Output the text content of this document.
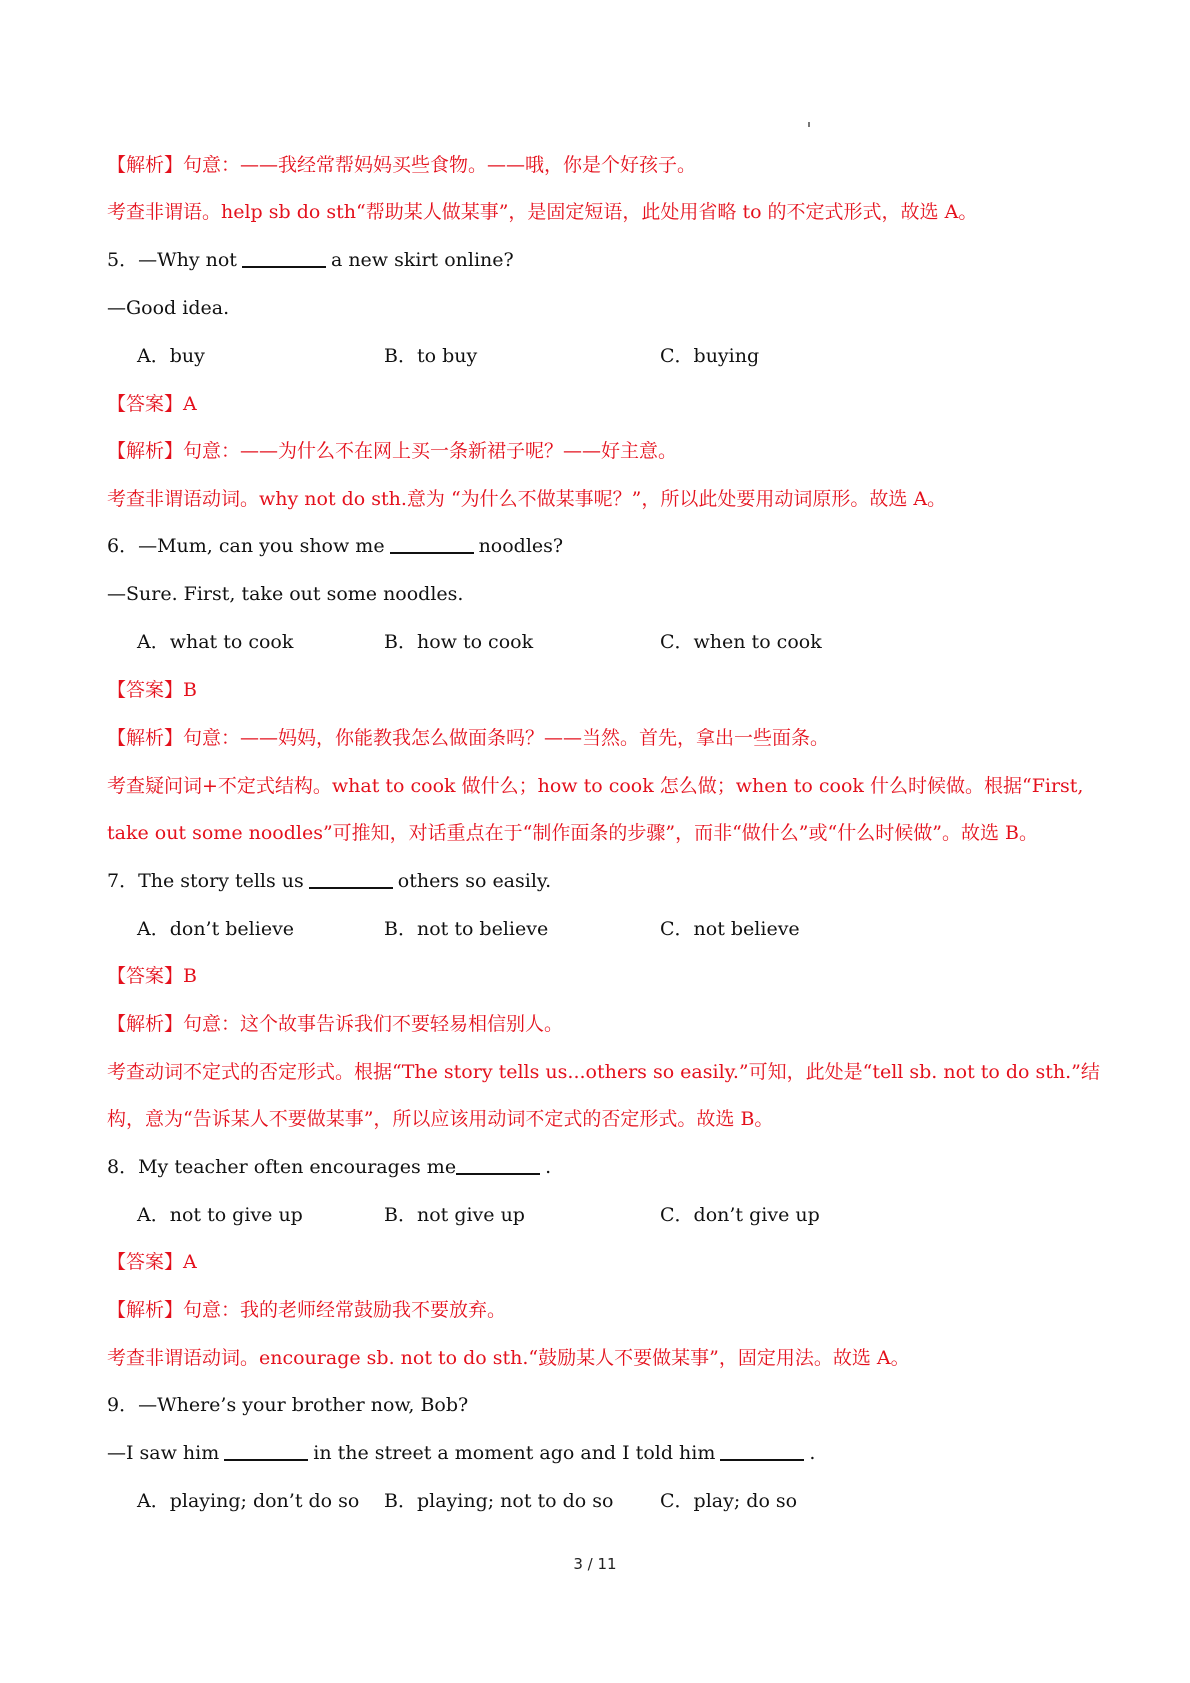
【解析】句意：——我经常帮妈妈买些食物。——哦，你是个好孩子。
考查非谓语。help sb do sth“帮助某人做某事”，是固定短语，此处用省略 to 的不定式形式，故选 A。
5．—Why not	a new skirt online?
—Good idea.
A．buy	B．to buy	C．buying
【答案】A
【解析】句意：——为什么不在网上买一条新裙子呢？——好主意。
考查非谓语动词。why not do sth.意为 “为什么不做某事呢？”，所以此处要用动词原形。故选 A。
6．—Mum, can you show me	noodles?
—Sure. First, take out some noodles.
A．what to cook	B．how to cook	C．when to cook
【答案】B
【解析】句意：——妈妈，你能教我怎么做面条吗？——当然。首先，拿出一些面条。
考查疑问词+不定式结构。what to cook 做什么；how to cook 怎么做；when to cook 什么时候做。根据“First,
take out some noodles”可推知，对话重点在于“制作面条的步骤”，而非“做什么”或“什么时候做”。故选 B。
7．The story tells us	others so easily.
A．don’t believe	B．not to believe	C．not believe
【答案】B
【解析】句意：这个故事告诉我们不要轻易相信别人。
考查动词不定式的否定形式。根据“The story tells us...others so easily.”可知，此处是“tell sb. not to do sth.”结
构，意为“告诉某人不要做某事”，所以应该用动词不定式的否定形式。故选 B。
8．My teacher often encourages me	.
A．not to give up	B．not give up	C．don’t give up
【答案】A
【解析】句意：我的老师经常鼓励我不要放弃。
考查非谓语动词。encourage sb. not to do sth.“鼓励某人不要做某事”，固定用法。故选 A。
9．—Where’s your brother now, Bob?
—I saw him	in the street a moment ago and I told him	.
A．playing; don’t do so B．playing; not to do so C．play; do so
3 / 11
